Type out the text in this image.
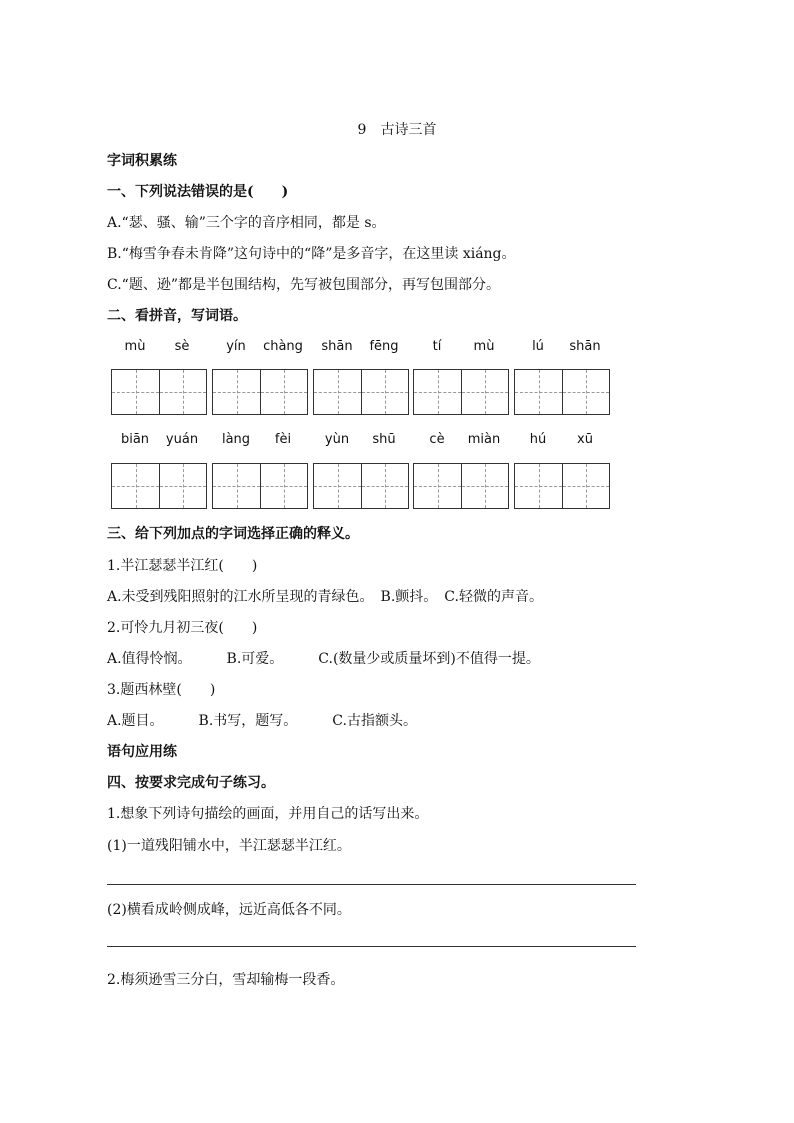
9 古诗三首
字词积累练
一、下列说法错误的是(　　)
A.“瑟、骚、输”三个字的音序相同，都是 s。
B.“梅雪争春未肯降”这句诗中的“降”是多音字，在这里读 xiáng。
C.“题、逊”都是半包围结构，先写被包围部分，再写包围部分。
二、看拼音，写词语。
mù	sè	yín	chàng	shān	fēng	tí	mù	lú	shān
biān	yuán	làng	fèi	yùn	shū	cè	miàn	hú	xū
三、给下列加点的字词选择正确的释义。
1.半江瑟瑟半江红(　　)
A.未受到残阳照射的江水所呈现的青绿色。　B.颤抖。　C.轻微的声音。
2.可怜九月初三夜(　　)
A.值得怜悯。　　　B.可爱。　　　C.(数量少或质量坏到)不值得一提。
3.题西林壁(　　)
A.题目。　　　B.书写，题写。　　　C.古指额头。
语句应用练
四、按要求完成句子练习。
1.想象下列诗句描绘的画面，并用自己的话写出来。
(1)一道残阳铺水中，半江瑟瑟半江红。
(2)横看成岭侧成峰，远近高低各不同。
2.梅须逊雪三分白，雪却输梅一段香。
